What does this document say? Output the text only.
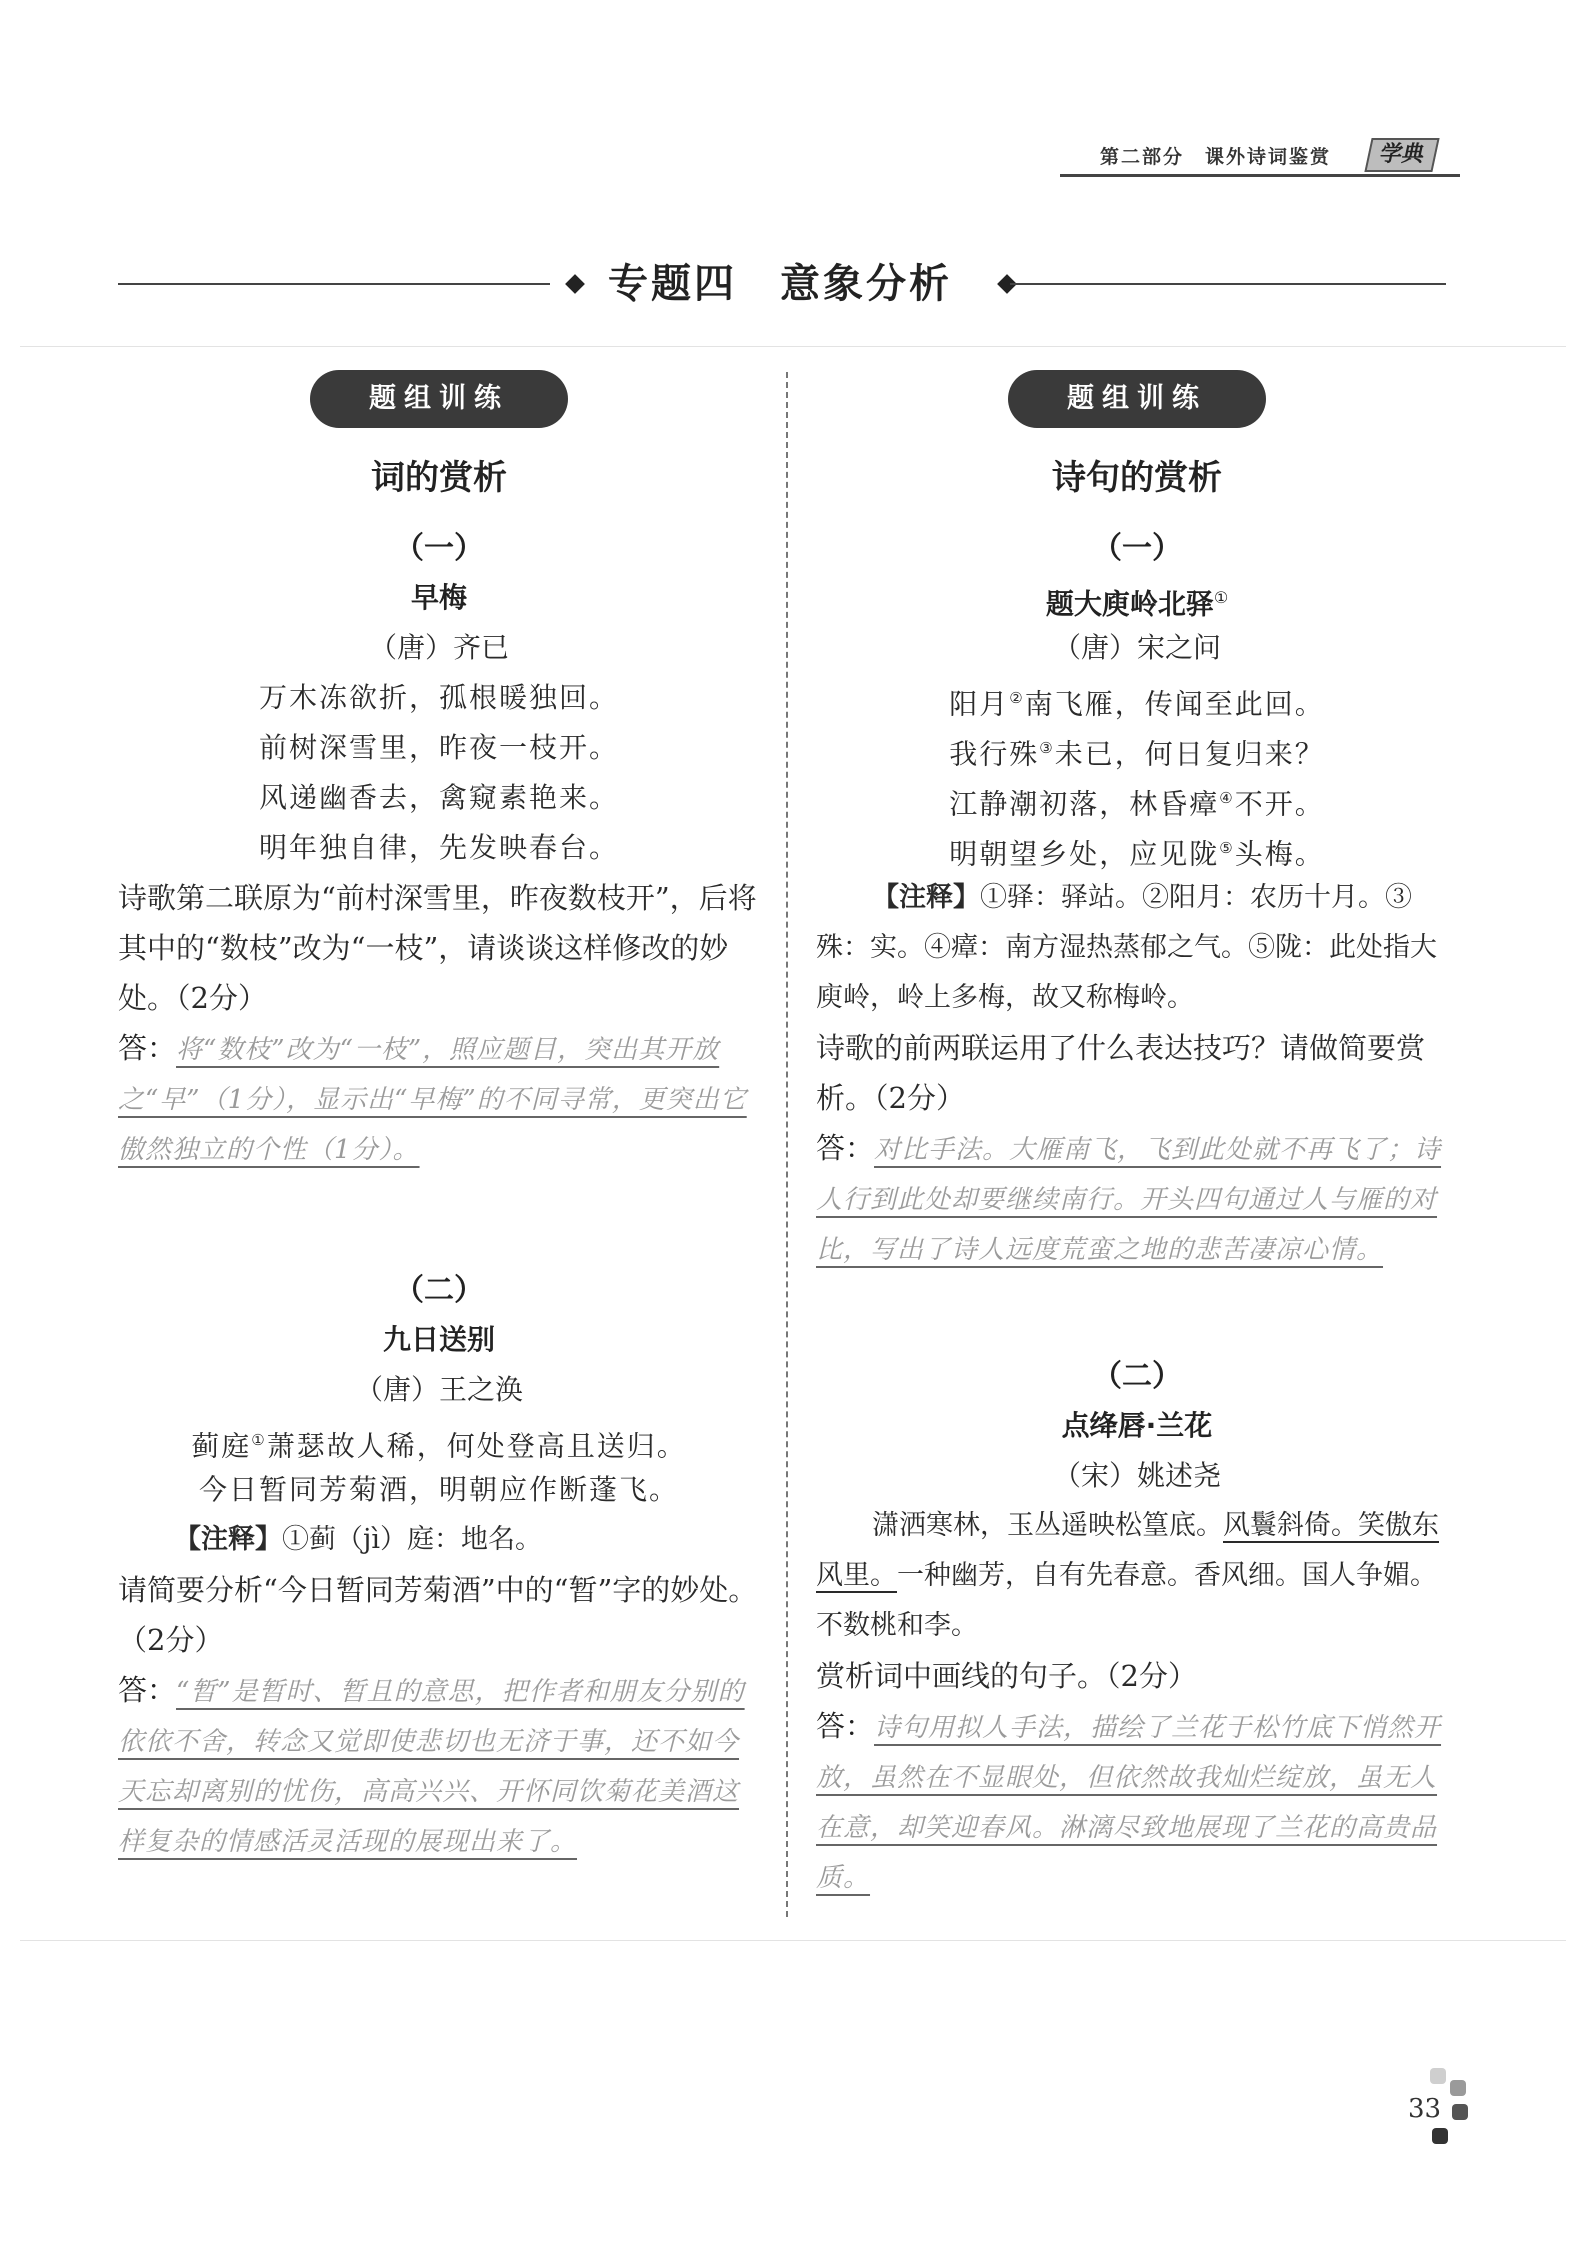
第二部分　课外诗词鉴赏	学典
专题四　意象分析
题组训练
词的赏析
（一）
早梅
（唐）齐已
万木冻欲折，孤根暖独回。
前树深雪里，昨夜一枝开。
风递幽香去，禽窥素艳来。
明年独自律，先发映春台。
诗歌第二联原为“前村深雪里，昨夜数枝开”，后将其中的“数枝”改为“一枝”，请谈谈这样修改的妙处。（2分）
答：将“数枝”改为“一枝”，照应题目，突出其开放之“早”（1分），显示出“早梅”的不同寻常，更突出它傲然独立的个性（1分）。
（二）
九日送别
（唐）王之涣
蓟庭①萧瑟故人稀，何处登高且送归。
今日暂同芳菊酒，明朝应作断蓬飞。
【注释】①蓟（jì）庭：地名。
请简要分析“今日暂同芳菊酒”中的“暂”字的妙处。（2分）
答：“暂”是暂时、暂且的意思，把作者和朋友分别的依依不舍，转念又觉即使悲切也无济于事，还不如今天忘却离别的忧伤，高高兴兴、开怀同饮菊花美酒这样复杂的情感活灵活现的展现出来了。
题组训练
诗句的赏析
（一）
题大庾岭北驿①
（唐）宋之问
阳月②南飞雁，传闻至此回。
我行殊③未已，何日复归来？
江静潮初落，林昏瘴④不开。
明朝望乡处，应见陇⑤头梅。
【注释】①驿：驿站。②阳月：农历十月。③殊：实。④瘴：南方湿热蒸郁之气。⑤陇：此处指大庾岭，岭上多梅，故又称梅岭。
诗歌的前两联运用了什么表达技巧？请做简要赏析。（2分）
答：对比手法。大雁南飞，飞到此处就不再飞了；诗人行到此处却要继续南行。开头四句通过人与雁的对比，写出了诗人远度荒蛮之地的悲苦凄凉心情。
（二）
点绛唇·兰花
（宋）姚述尧
潇洒寒林，玉丛遥映松篁底。风鬟斜倚。笑傲东风里。一种幽芳，自有先春意。香风细。国人争媚。不数桃和李。
赏析词中画线的句子。（2分）
答：诗句用拟人手法，描绘了兰花于松竹底下悄然开放，虽然在不显眼处，但依然故我灿烂绽放，虽无人在意，却笑迎春风。淋漓尽致地展现了兰花的高贵品质。
33
